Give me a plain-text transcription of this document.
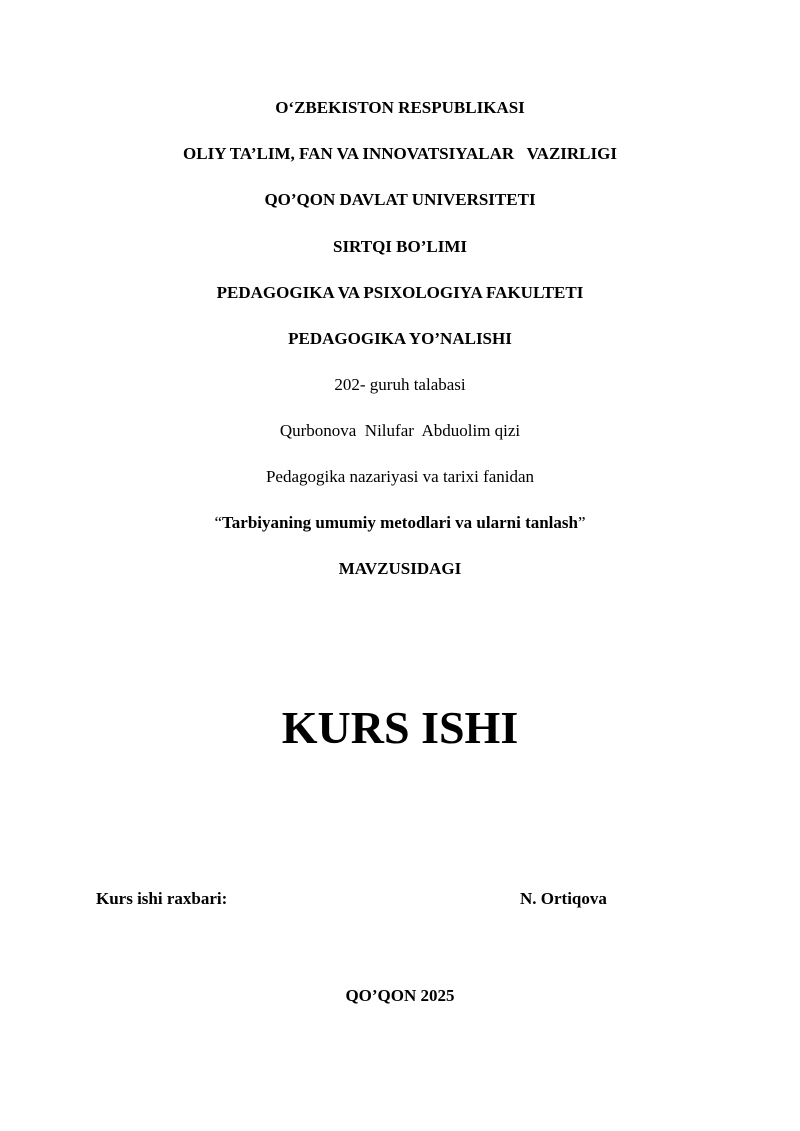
O‘ZBEKISTON RESPUBLIKASI
OLIY TA’LIM, FAN VA INNOVATSIYALAR   VAZIRLIGI
QO’QON DAVLAT UNIVERSITETI
SIRTQI BO’LIMI
PEDAGOGIKA VA PSIXOLOGIYA FAKULTETI
PEDAGOGIKA YO’NALISHI
202- guruh talabasi
Qurbonova  Nilufar  Abduolim qizi
Pedagogika nazariyasi va tarixi fanidan
“Tarbiyaning umumiy metodlari va ularni tanlash”
MAVZUSIDAGI
KURS ISHI
Kurs ishi raxbari:	N. Ortiqova
QO’QON 2025
